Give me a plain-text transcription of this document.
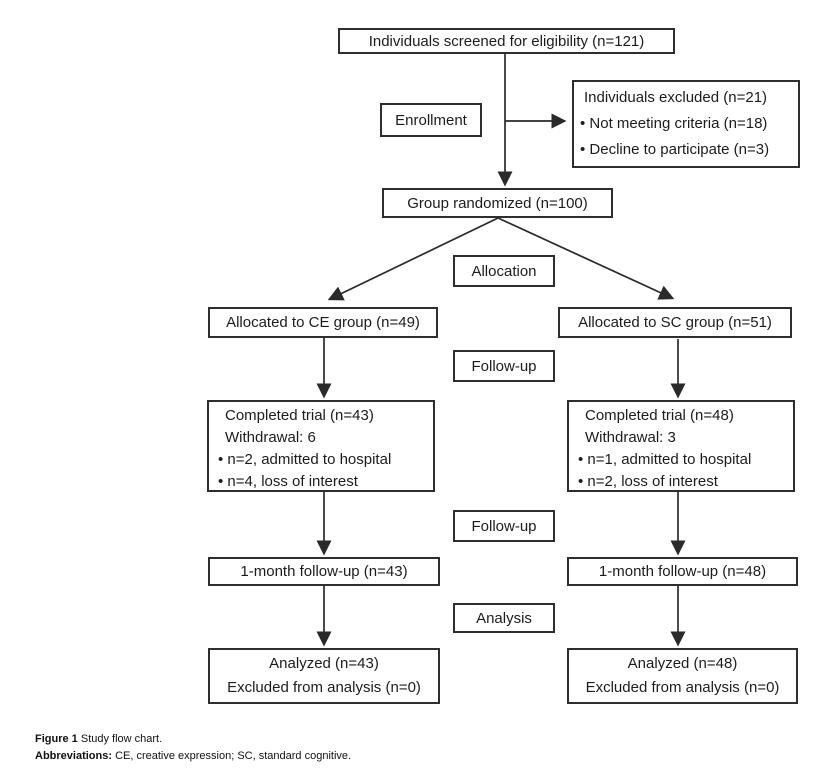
Individuals screened for eligibility (n=121)
Enrollment
Individuals excluded (n=21)
• Not meeting criteria (n=18)
• Decline to participate (n=3)
Group randomized (n=100)
Allocation
Allocated to CE group (n=49)	Allocated to SC group (n=51)
Follow-up
Completed trial (n=43)
Withdrawal: 6
• n=2, admitted to hospital
• n=4, loss of interest
Completed trial (n=48)
Withdrawal: 3
• n=1, admitted to hospital
• n=2, loss of interest
Follow-up
1-month follow-up (n=43)	1-month follow-up (n=48)
Analysis
Analyzed (n=43)
Excluded from analysis (n=0)
Analyzed (n=48)
Excluded from analysis (n=0)
Figure 1 Study flow chart.
Abbreviations: CE, creative expression; SC, standard cognitive.
